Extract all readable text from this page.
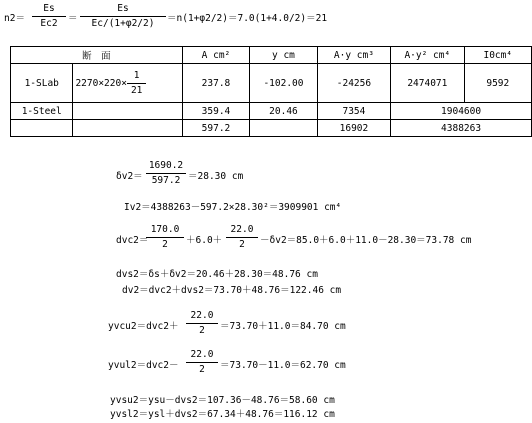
n2＝
Es
Ec2 ＝
Es
Ec/(1+φ2/2) ＝n(1+φ2/2)＝7.0(1+4.0/2)＝21
断　面		A cm²	y cm	A·y cm³	A·y² cm⁴	I0cm⁴
1-SLab	$2270\times 220\times \frac{1}{21}$	237.8	-102.00	-24256	2474071	9592
1-Steel		359.4	20.46	7354	1904600	
		597.2		16902	4388263	
δv2＝
1690.2
597.2 ＝28.30 cm
Iv2＝4388263－597.2×28.30²＝3909901 cm⁴
dvc2＝
170.0
2 ＋6.0＋
22.0
2 －δv2＝85.0＋6.0＋11.0－28.30＝73.78 cm
dvs2＝δs＋δv2＝20.46＋28.30＝48.76 cm
dv2＝dvc2＋dvs2＝73.70＋48.76＝122.46 cm
yvcu2＝dvc2＋
22.0
2 ＝73.70＋11.0＝84.70 cm
yvul2＝dvc2－
22.0
2 ＝73.70－11.0＝62.70 cm
yvsu2＝ysu－dvs2＝107.36－48.76＝58.60 cm
yvsl2＝ysl＋dvs2＝67.34＋48.76＝116.12 cm
